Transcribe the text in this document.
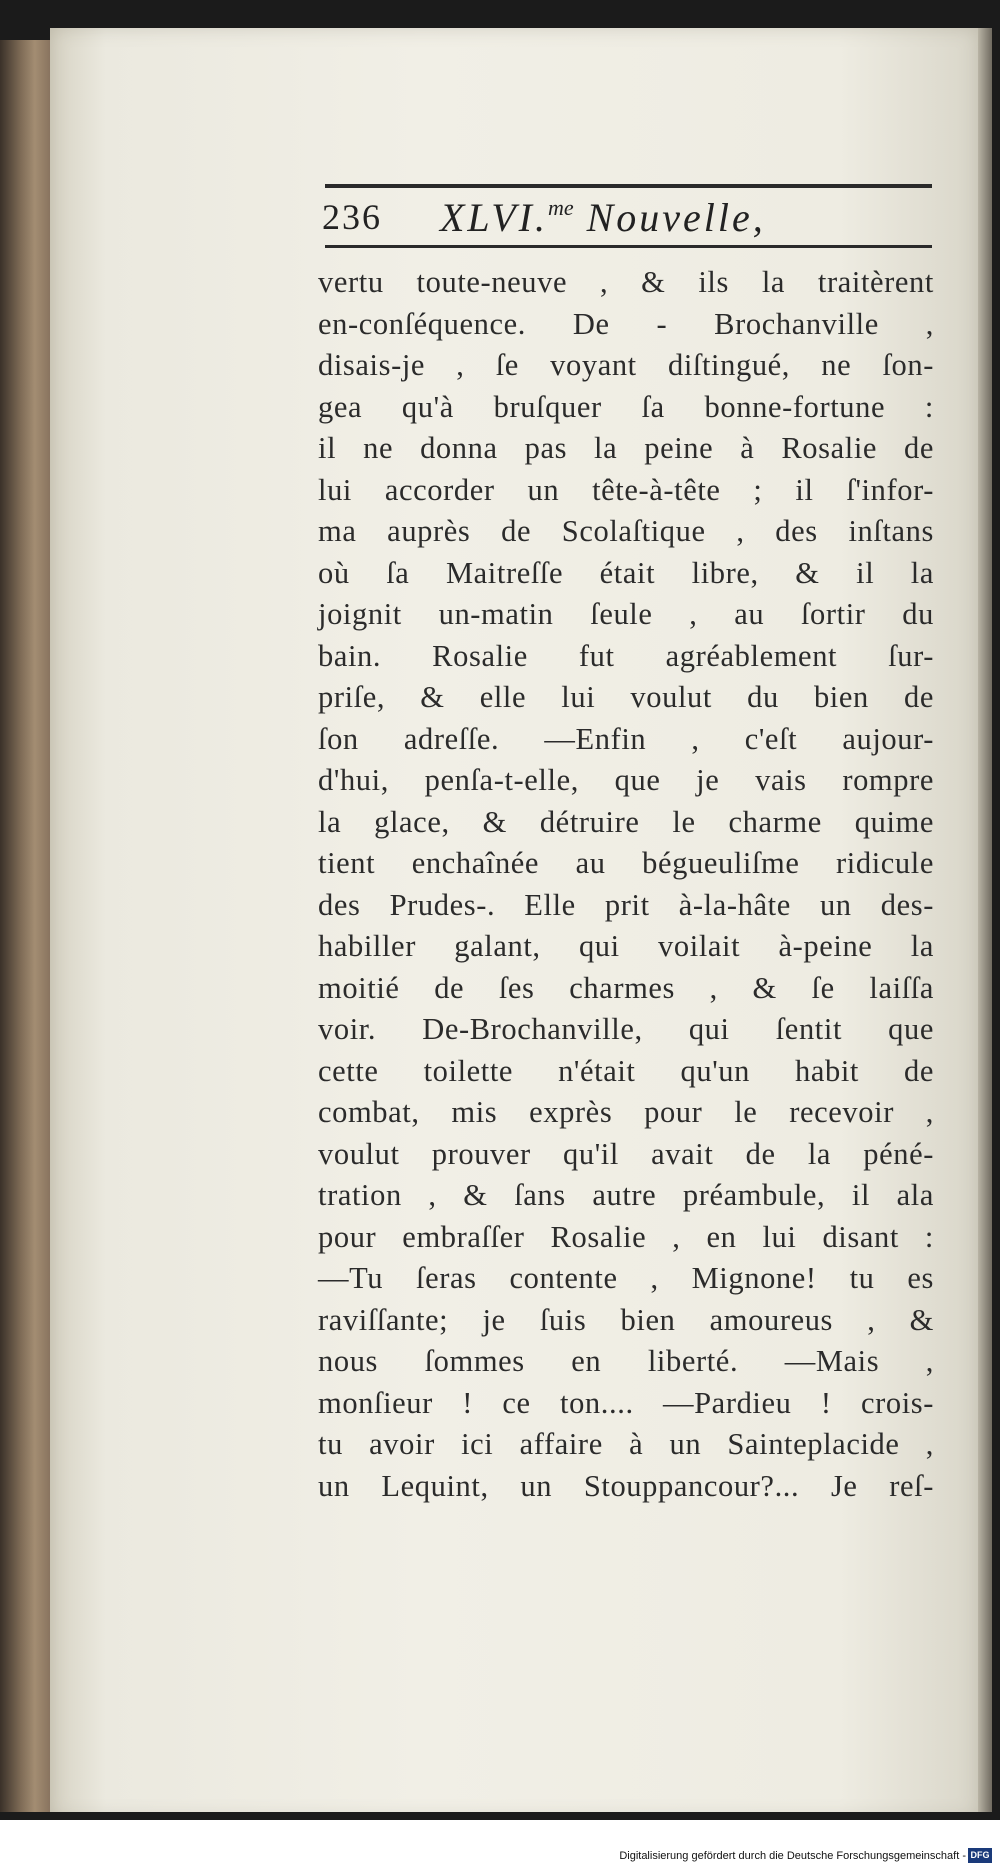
236 XLVI.$^{me}$ Nouvelle,
vertu toute-neuve , & ils la traitèrent
en-conſéquence. De - Brochanville ,
disais-je , ſe voyant diſtingué, ne ſon-
gea qu'à bruſquer ſa bonne-fortune :
il ne donna pas la peine à Rosalie de
lui accorder un tête-à-tête ; il ſ'infor-
ma auprès de Scolaſtique , des inſtans
où ſa Maitreſſe était libre, & il la
joignit un-matin ſeule , au ſortir du
bain. Rosalie fut agréablement ſur-
priſe, & elle lui voulut du bien de
ſon adreſſe. —Enfin , c'eſt aujour-
d'hui, penſa-t-elle, que je vais rompre
la glace, & détruire le charme quime
tient enchaînée au bégueuliſme ridicule
des Prudes-. Elle prit à-la-hâte un des-
habiller galant, qui voilait à-peine la
moitié de ſes charmes , & ſe laiſſa
voir. De-Brochanville, qui ſentit que
cette toilette n'était qu'un habit de
combat, mis exprès pour le recevoir ,
voulut prouver qu'il avait de la péné-
tration , & ſans autre préambule, il ala
pour embraſſer Rosalie , en lui disant :
—Tu ſeras contente , Mignone! tu es
raviſſante; je ſuis bien amoureus , &
nous ſommes en liberté. —Mais ,
monſieur ! ce ton.... —Pardieu ! crois-
tu avoir ici affaire à un Sainteplacide ,
un Lequint, un Stouppancour?... Je reſ-
Digitalisierung gefördert durch die Deutsche Forschungsgemeinschaft - DFG
